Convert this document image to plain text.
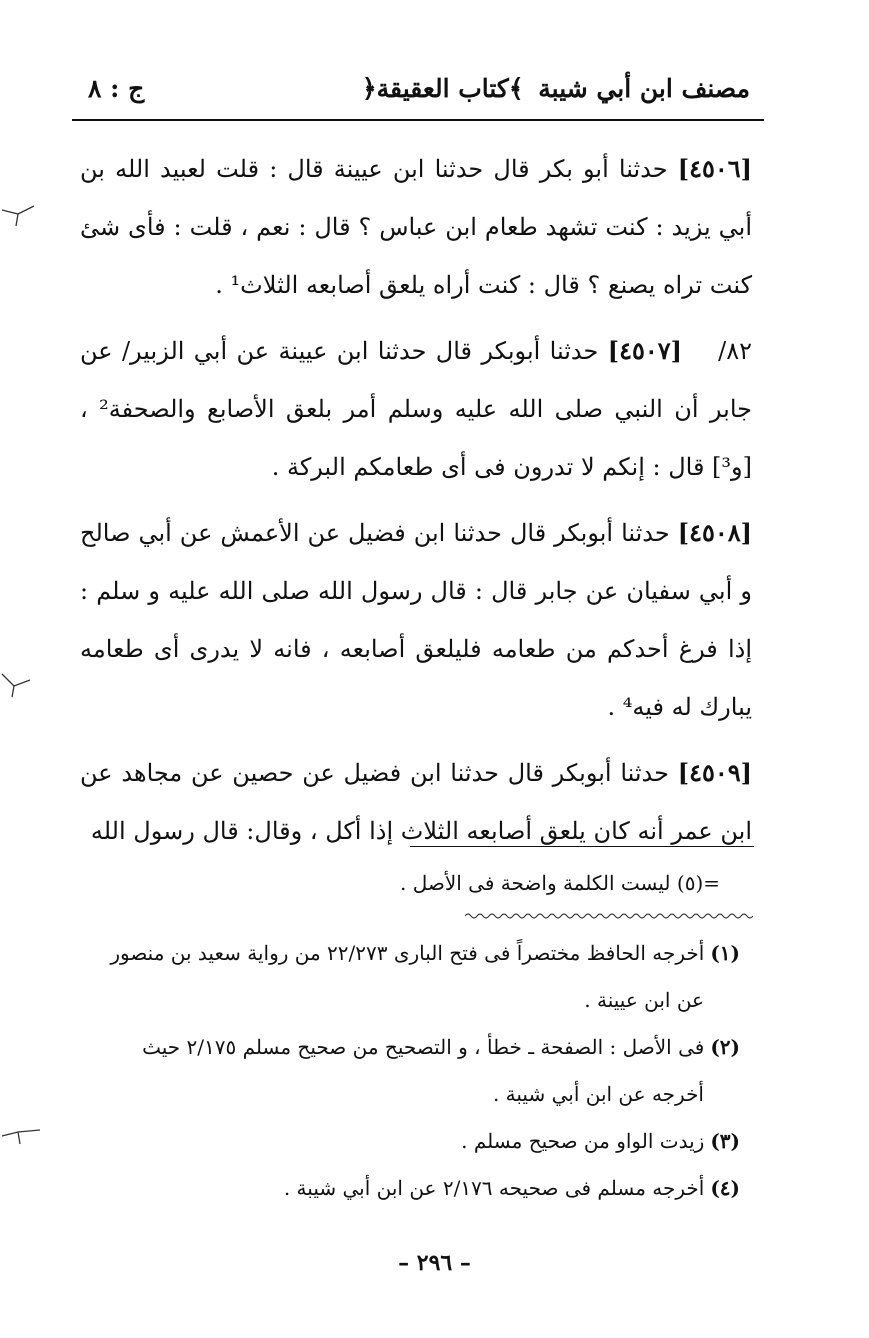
مصنف ابن أبي شيبة
﴿كتاب العقيقة﴾
ج : ٨

[٤٥٠٦] حدثنا أبو بكر قال حدثنا ابن عيينة قال : قلت لعبيد الله بن أبي يزيد : كنت تشهد طعام ابن عباس ؟ قال : نعم ، قلت : فأى شئ كنت تراه يصنع ؟ قال : كنت أراه يلعق أصابعه الثلاث¹ .

٨٢/[٤٥٠٧] حدثنا أبوبكر قال حدثنا ابن عيينة عن أبي الزبير/ عن جابر أن النبي صلى الله عليه وسلم أمر بلعق الأصابع والصحفة² ، [و³] قال : إنكم لا تدرون فى أى طعامكم البركة .

[٤٥٠٨] حدثنا أبوبكر قال حدثنا ابن فضيل عن الأعمش عن أبي صالح و أبي سفيان عن جابر قال : قال رسول الله صلى الله عليه و سلم : إذا فرغ أحدكم من طعامه فليلعق أصابعه ، فانه لا يدرى أى طعامه يبارك له فيه⁴ .

[٤٥٠٩] حدثنا أبوبكر قال حدثنا ابن فضيل عن حصين عن مجاهد عن ابن عمر أنه كان يلعق أصابعه الثلاث إذا أكل ، وقال: قال رسول الله

=(٥) ليست الكلمة واضحة فى الأصل .

(١)أخرجه الحافظ مختصراً فى فتح البارى ٢٢/٢٧٣ من رواية سعيد بن منصور

عن ابن عيينة .

(٢)فى الأصل : الصفحة ـ خطأ ، و التصحيح من صحيح مسلم ٢/١٧٥ حيث

أخرجه عن ابن أبي شيبة .

(٣)زيدت الواو من صحيح مسلم .

(٤)أخرجه مسلم فى صحيحه ٢/١٧٦ عن ابن أبي شيبة .

– ٢٩٦ –
